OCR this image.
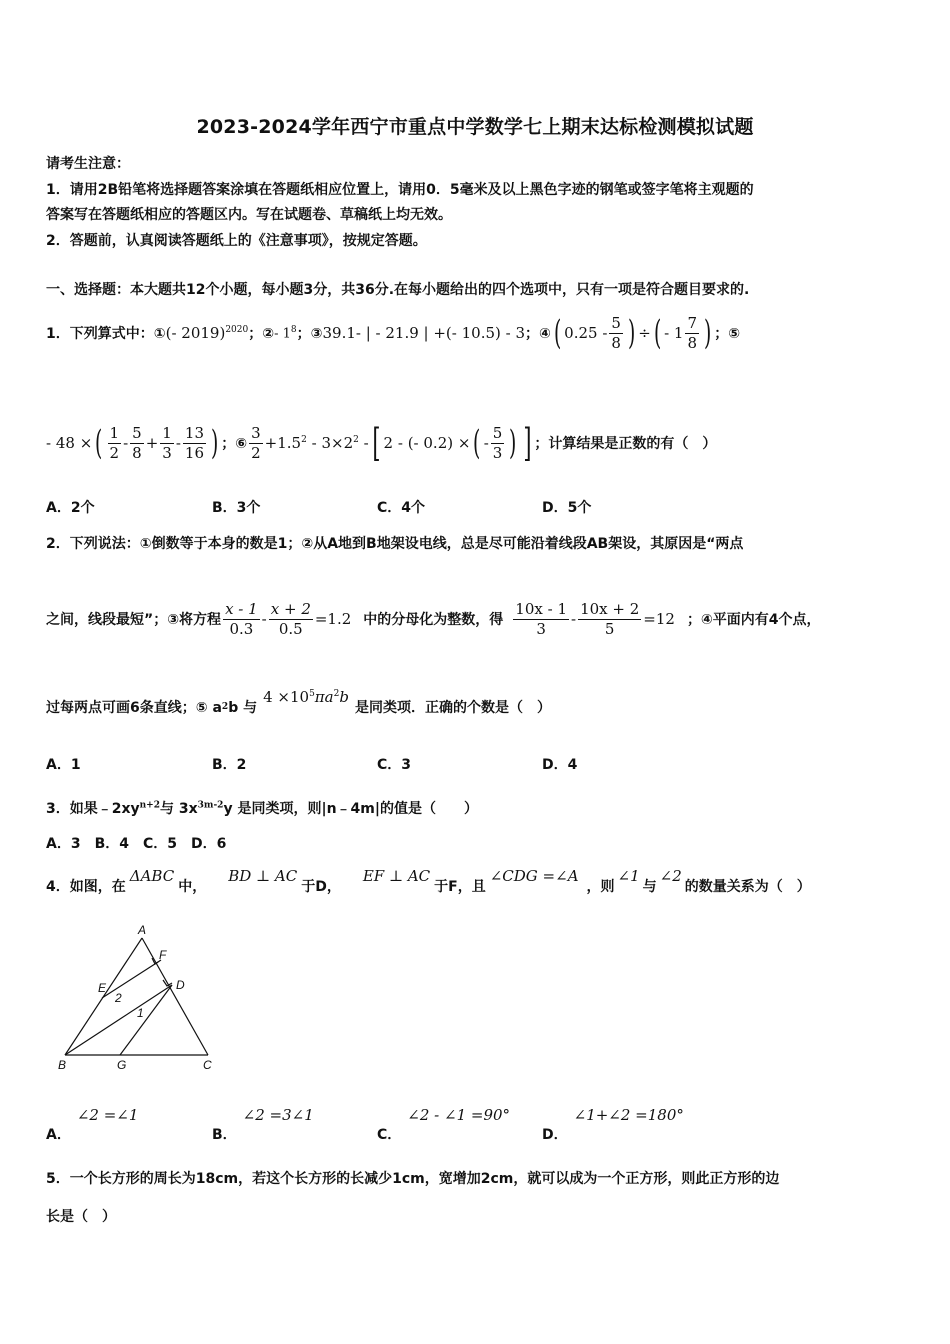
2023-2024学年西宁市重点中学数学七上期末达标检测模拟试题
请考生注意：
1．请用2B铅笔将选择题答案涂填在答题纸相应位置上，请用0．5毫米及以上黑色字迹的钢笔或签字笔将主观题的
答案写在答题纸相应的答题区内。写在试题卷、草稿纸上均无效。
2．答题前，认真阅读答题纸上的《注意事项》，按规定答题。
一、选择题：本大题共12个小题，每小题3分，共36分.在每小题给出的四个选项中，只有一项是符合题目要求的.
1．下列算式中：① (- 2019)$^{2020}$ ；② - $1^8$ ；③ 39.1- | - 21.9 | +(- 10.5) - 3 ；④ ( $0.25 - \frac{5}{8}$ ) ÷ ( - $1 \frac{7}{8}$ ) ；⑤
- 48 × ( $\frac{1}{2} - \frac{5}{8} + \frac{1}{3} - \frac{13}{16}$ ) ；⑥ $\frac{3}{2} +1.5^2 - 3\times 2^2$ - [ 2 - (- 0.2) × ( - $\frac{5}{3}$ ) ] ；计算结果是正数的有（　）
A．2个	B．3个	C．4个	D．5个
2．下列说法：①倒数等于本身的数是1；②从A地到B地架设电线，总是尽可能沿着线段AB架设，其原因是“两点
之间，线段最短”；③将方程 $\frac{x - 1}{0.3} - \frac{x + 2}{0.5} =1.2$ 中的分母化为整数，得 $\frac{10x - 1}{3} - \frac{10x + 2}{5} =12$ ；④平面内有4个点，
过每两点可画6条直线；⑤ a 2 b 与
$4 \times 10^5\pi a^2b$
是同类项．正确的个数是（　）
A．1	B．2	C．3	D．4
3．如果$﹣2xy^{n+2}$与 $3x^{3m-2}y$ 是同类项，则|n﹣4m|的值是（　　）
A．3　B．4　C．5　D．6
4．如图，在
ΔABC
中，
BD ⊥ AC
于D，
EF ⊥ AC
于F，且
∠CDG =∠A
，则
∠1
与
∠2
的数量关系为（　）
A
F
E
2
D
1
B	G	C
A．∠2 =∠1
B．∠2 =3∠1
C．∠2 - ∠1 =90°
D．∠1+∠2 =180°
5．一个长方形的周长为18cm，若这个长方形的长减少1cm，宽增加2cm，就可以成为一个正方形，则此正方形的边
长是（　）
